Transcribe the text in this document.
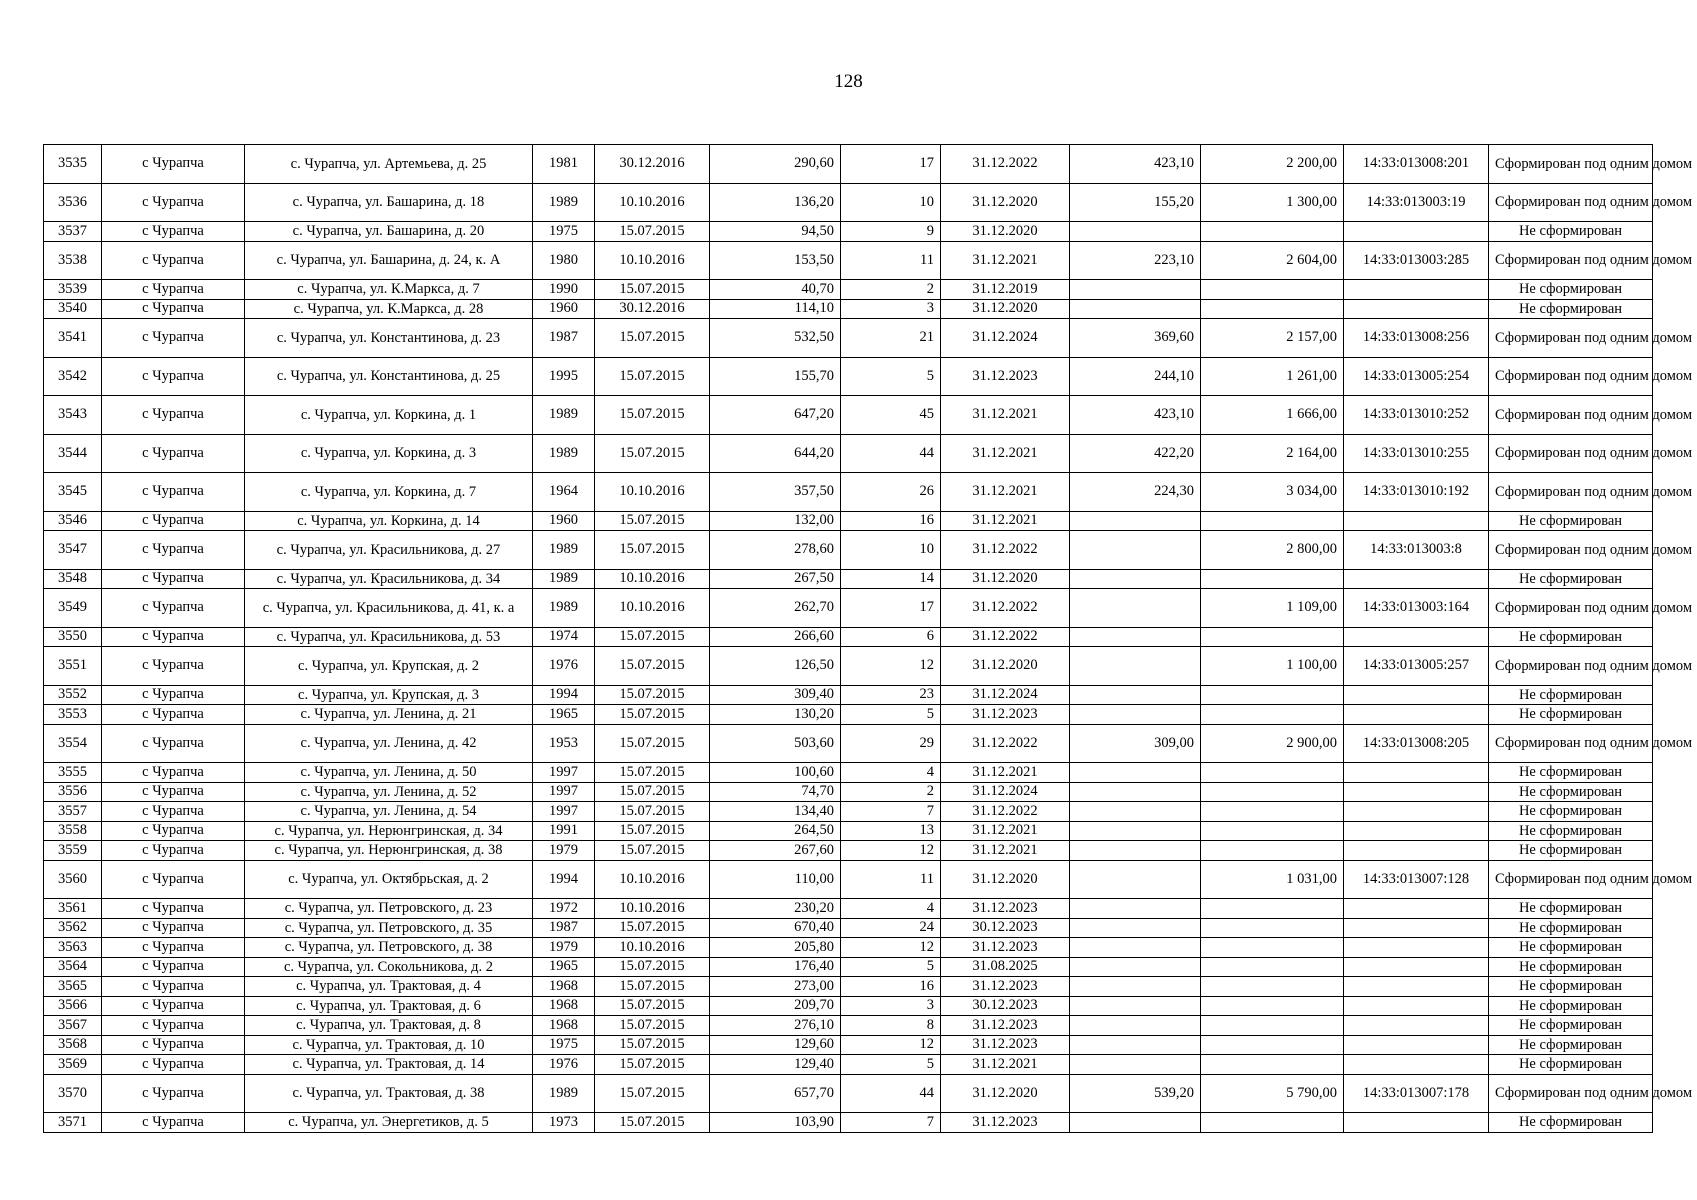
128
3535	с Чурапча	с. Чурапча, ул. Артемьева, д. 25	1981	30.12.2016	290,60	17	31.12.2022	423,10	2 200,00	14:33:013008:201	Сформирован под одним домом
3536	с Чурапча	с. Чурапча, ул. Башарина, д. 18	1989	10.10.2016	136,20	10	31.12.2020	155,20	1 300,00	14:33:013003:19	Сформирован под одним домом
3537	с Чурапча	с. Чурапча, ул. Башарина, д. 20	1975	15.07.2015	94,50	9	31.12.2020				Не сформирован
3538	с Чурапча	с. Чурапча, ул. Башарина, д. 24, к. А	1980	10.10.2016	153,50	11	31.12.2021	223,10	2 604,00	14:33:013003:285	Сформирован под одним домом
3539	с Чурапча	с. Чурапча, ул. К.Маркса, д. 7	1990	15.07.2015	40,70	2	31.12.2019				Не сформирован
3540	с Чурапча	с. Чурапча, ул. К.Маркса, д. 28	1960	30.12.2016	114,10	3	31.12.2020				Не сформирован
3541	с Чурапча	с. Чурапча, ул. Константинова, д. 23	1987	15.07.2015	532,50	21	31.12.2024	369,60	2 157,00	14:33:013008:256	Сформирован под одним домом
3542	с Чурапча	с. Чурапча, ул. Константинова, д. 25	1995	15.07.2015	155,70	5	31.12.2023	244,10	1 261,00	14:33:013005:254	Сформирован под одним домом
3543	с Чурапча	с. Чурапча, ул. Коркина, д. 1	1989	15.07.2015	647,20	45	31.12.2021	423,10	1 666,00	14:33:013010:252	Сформирован под одним домом
3544	с Чурапча	с. Чурапча, ул. Коркина, д. 3	1989	15.07.2015	644,20	44	31.12.2021	422,20	2 164,00	14:33:013010:255	Сформирован под одним домом
3545	с Чурапча	с. Чурапча, ул. Коркина, д. 7	1964	10.10.2016	357,50	26	31.12.2021	224,30	3 034,00	14:33:013010:192	Сформирован под одним домом
3546	с Чурапча	с. Чурапча, ул. Коркина, д. 14	1960	15.07.2015	132,00	16	31.12.2021				Не сформирован
3547	с Чурапча	с. Чурапча, ул. Красильникова, д. 27	1989	15.07.2015	278,60	10	31.12.2022		2 800,00	14:33:013003:8	Сформирован под одним домом
3548	с Чурапча	с. Чурапча, ул. Красильникова, д. 34	1989	10.10.2016	267,50	14	31.12.2020				Не сформирован
3549	с Чурапча	с. Чурапча, ул. Красильникова, д. 41, к. а	1989	10.10.2016	262,70	17	31.12.2022		1 109,00	14:33:013003:164	Сформирован под одним домом
3550	с Чурапча	с. Чурапча, ул. Красильникова, д. 53	1974	15.07.2015	266,60	6	31.12.2022				Не сформирован
3551	с Чурапча	с. Чурапча, ул. Крупская, д. 2	1976	15.07.2015	126,50	12	31.12.2020		1 100,00	14:33:013005:257	Сформирован под одним домом
3552	с Чурапча	с. Чурапча, ул. Крупская, д. 3	1994	15.07.2015	309,40	23	31.12.2024				Не сформирован
3553	с Чурапча	с. Чурапча, ул. Ленина, д. 21	1965	15.07.2015	130,20	5	31.12.2023				Не сформирован
3554	с Чурапча	с. Чурапча, ул. Ленина, д. 42	1953	15.07.2015	503,60	29	31.12.2022	309,00	2 900,00	14:33:013008:205	Сформирован под одним домом
3555	с Чурапча	с. Чурапча, ул. Ленина, д. 50	1997	15.07.2015	100,60	4	31.12.2021				Не сформирован
3556	с Чурапча	с. Чурапча, ул. Ленина, д. 52	1997	15.07.2015	74,70	2	31.12.2024				Не сформирован
3557	с Чурапча	с. Чурапча, ул. Ленина, д. 54	1997	15.07.2015	134,40	7	31.12.2022				Не сформирован
3558	с Чурапча	с. Чурапча, ул. Нерюнгринская, д. 34	1991	15.07.2015	264,50	13	31.12.2021				Не сформирован
3559	с Чурапча	с. Чурапча, ул. Нерюнгринская, д. 38	1979	15.07.2015	267,60	12	31.12.2021				Не сформирован
3560	с Чурапча	с. Чурапча, ул. Октябрьская, д. 2	1994	10.10.2016	110,00	11	31.12.2020		1 031,00	14:33:013007:128	Сформирован под одним домом
3561	с Чурапча	с. Чурапча, ул. Петровского, д. 23	1972	10.10.2016	230,20	4	31.12.2023				Не сформирован
3562	с Чурапча	с. Чурапча, ул. Петровского, д. 35	1987	15.07.2015	670,40	24	30.12.2023				Не сформирован
3563	с Чурапча	с. Чурапча, ул. Петровского, д. 38	1979	10.10.2016	205,80	12	31.12.2023				Не сформирован
3564	с Чурапча	с. Чурапча, ул. Сокольникова, д. 2	1965	15.07.2015	176,40	5	31.08.2025				Не сформирован
3565	с Чурапча	с. Чурапча, ул. Трактовая, д. 4	1968	15.07.2015	273,00	16	31.12.2023				Не сформирован
3566	с Чурапча	с. Чурапча, ул. Трактовая, д. 6	1968	15.07.2015	209,70	3	30.12.2023				Не сформирован
3567	с Чурапча	с. Чурапча, ул. Трактовая, д. 8	1968	15.07.2015	276,10	8	31.12.2023				Не сформирован
3568	с Чурапча	с. Чурапча, ул. Трактовая, д. 10	1975	15.07.2015	129,60	12	31.12.2023				Не сформирован
3569	с Чурапча	с. Чурапча, ул. Трактовая, д. 14	1976	15.07.2015	129,40	5	31.12.2021				Не сформирован
3570	с Чурапча	с. Чурапча, ул. Трактовая, д. 38	1989	15.07.2015	657,70	44	31.12.2020	539,20	5 790,00	14:33:013007:178	Сформирован под одним домом
3571	с Чурапча	с. Чурапча, ул. Энергетиков, д. 5	1973	15.07.2015	103,90	7	31.12.2023				Не сформирован
